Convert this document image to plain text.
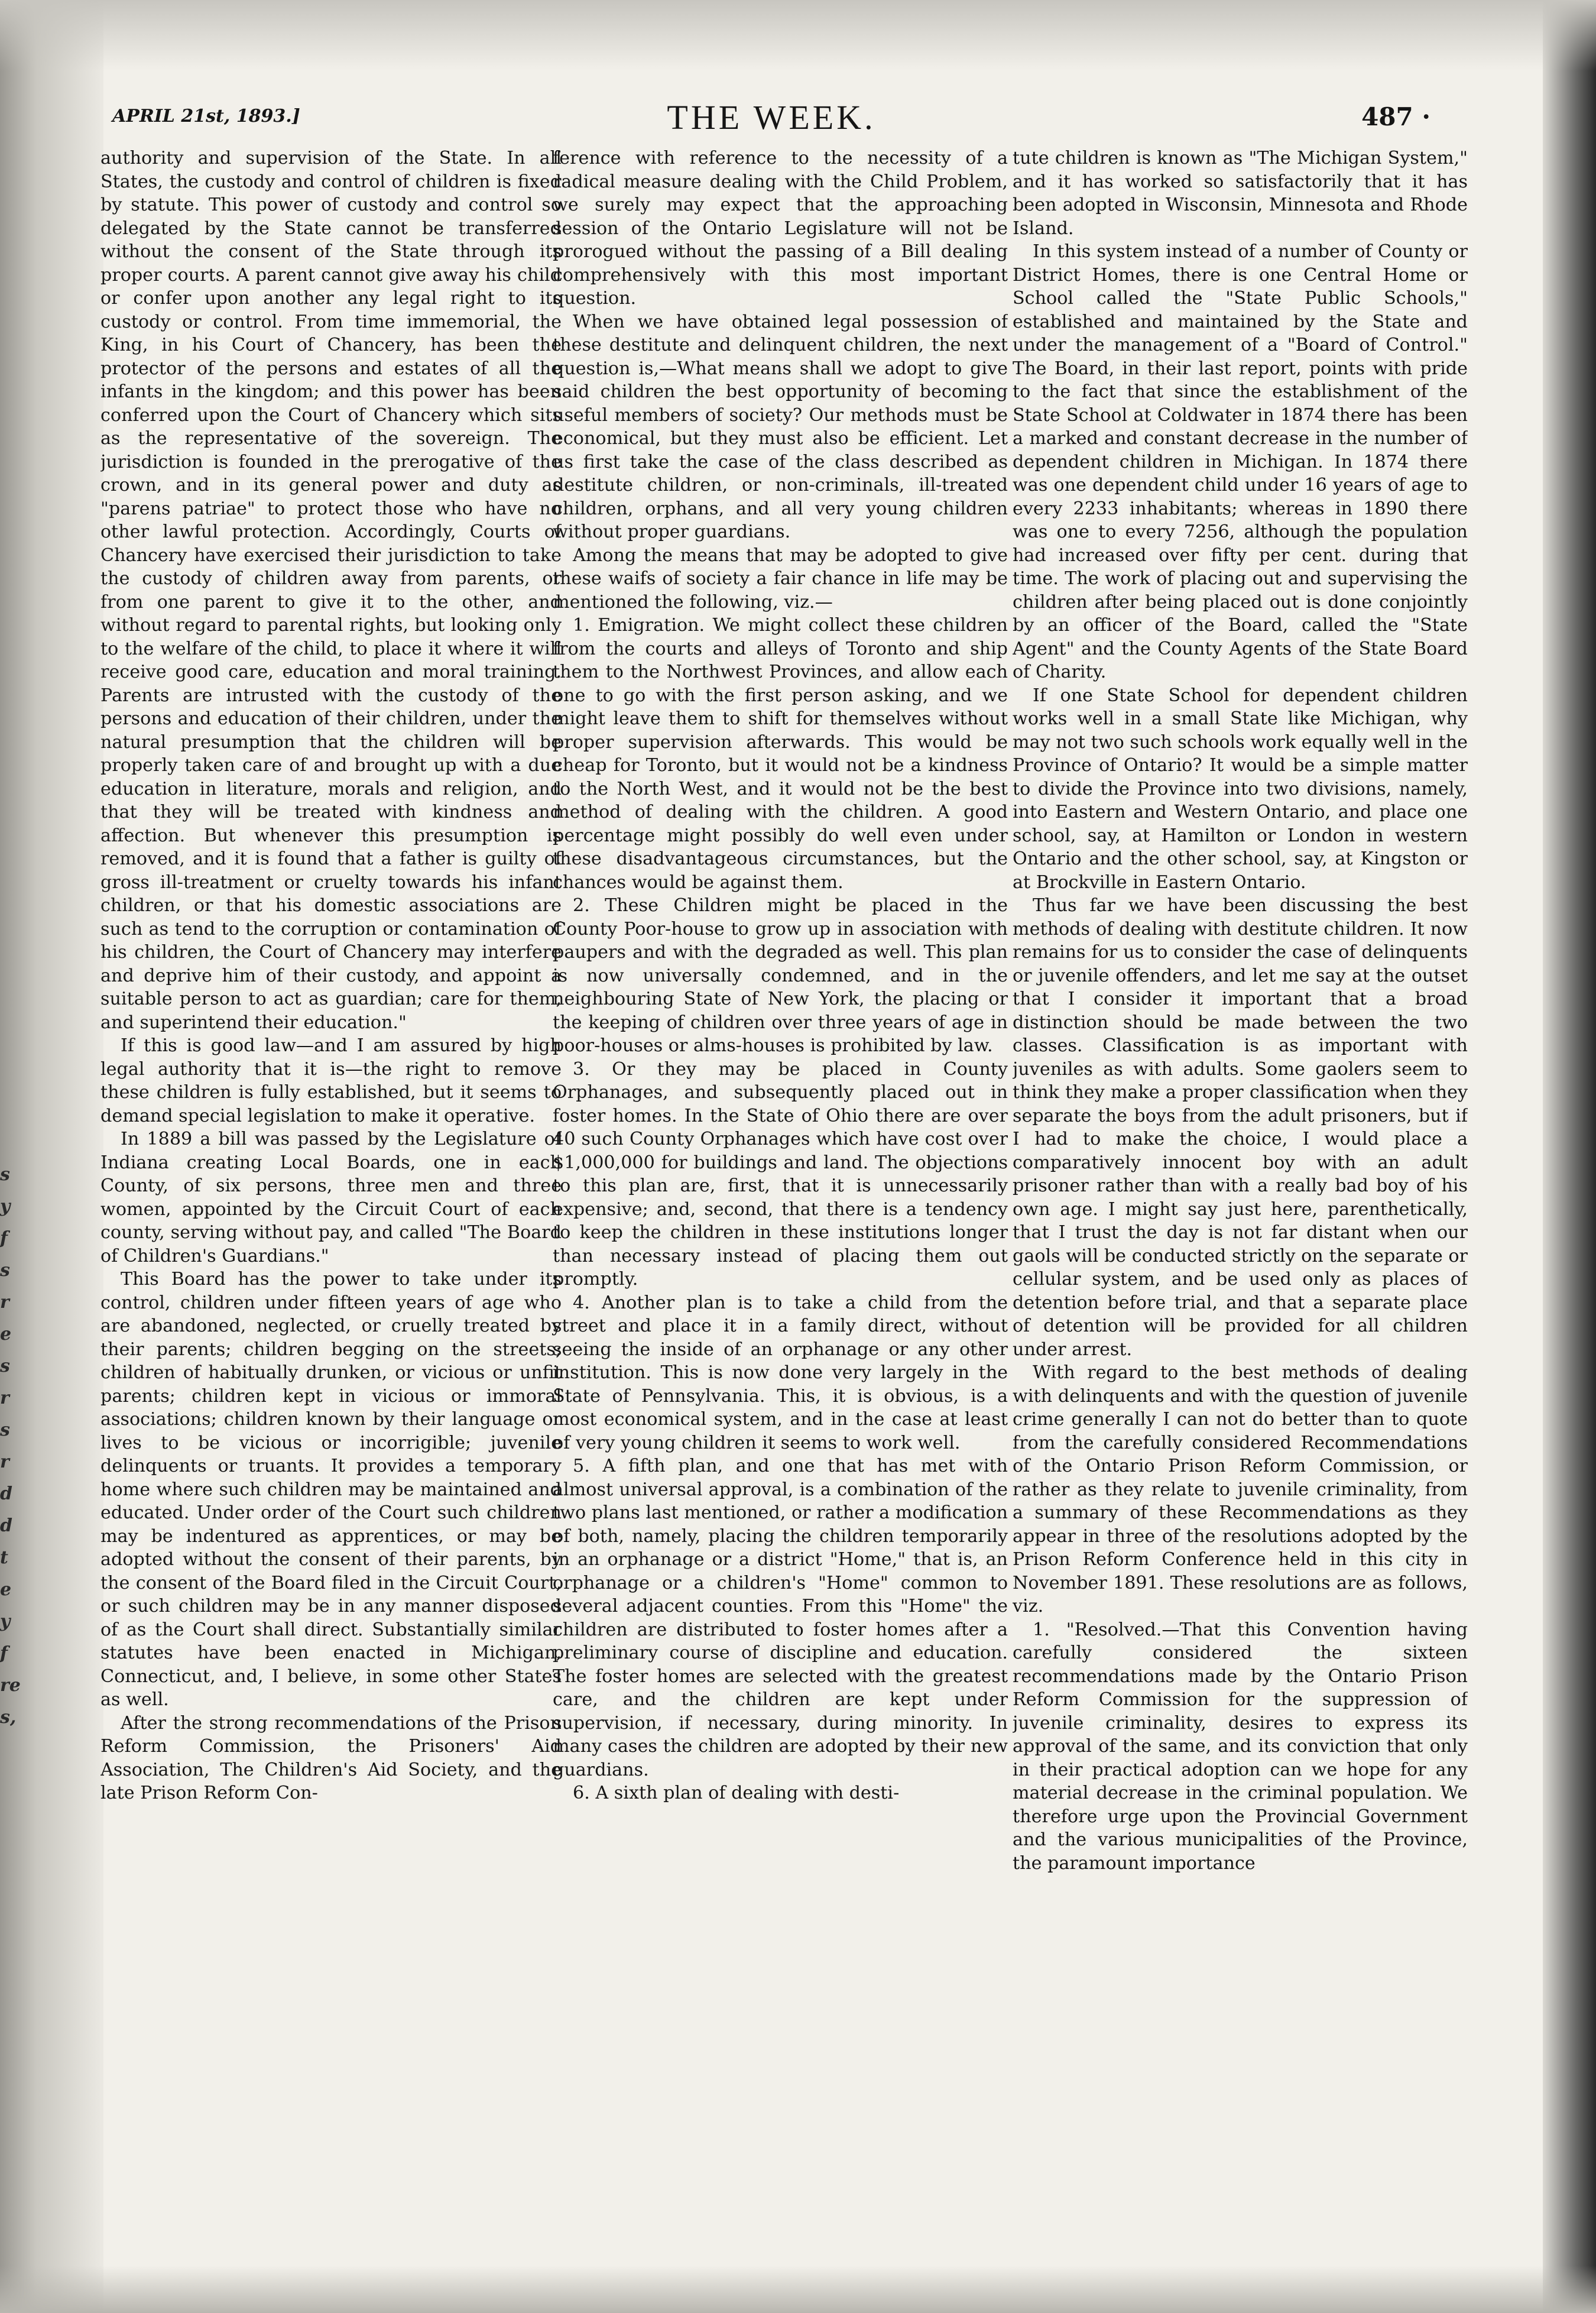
s
y
f
s
r
e
s
r
s
r
d
d
t
e
y
f
re
s,
APRIL 21st, 1893.]	THE WEEK.	487 ·

authority and supervision of the State. In all States, the custody and control of children is fixed by statute. This power of custody and control so delegated by the State cannot be transferred without the consent of the State through its proper courts. A parent cannot give away his child or confer upon another any legal right to its custody or control. From time immemorial, the King, in his Court of Chancery, has been the protector of the persons and estates of all the infants in the kingdom; and this power has been conferred upon the Court of Chancery which sits as the representative of the sovereign. The jurisdiction is founded in the prerogative of the crown, and in its general power and duty as "parens patriae" to protect those who have no other lawful protection. Accordingly, Courts of Chancery have exercised their jurisdiction to take the custody of children away from parents, or from one parent to give it to the other, and without regard to parental rights, but looking only to the welfare of the child, to place it where it will receive good care, education and moral training. Parents are intrusted with the custody of the persons and education of their children, under the natural presumption that the children will be properly taken care of and brought up with a due education in literature, morals and religion, and that they will be treated with kindness and affection. But whenever this presumption is removed, and it is found that a father is guilty of gross ill-treatment or cruelty towards his infant children, or that his domestic associations are such as tend to the corruption or contamination of his children, the Court of Chancery may interfere and deprive him of their custody, and appoint a suitable person to act as guardian; care for them, and superintend their education."

If this is good law—and I am assured by high legal authority that it is—the right to remove these children is fully established, but it seems to demand special legislation to make it operative.

In 1889 a bill was passed by the Legislature of Indiana creating Local Boards, one in each County, of six persons, three men and three women, appointed by the Circuit Court of each county, serving without pay, and called "The Board of Children's Guardians."

This Board has the power to take under its control, children under fifteen years of age who are abandoned, neglected, or cruelly treated by their parents; children begging on the streets; children of habitually drunken, or vicious or unfit parents; children kept in vicious or immoral associations; children known by their language or lives to be vicious or incorrigible; juvenile delinquents or truants. It provides a temporary home where such children may be maintained and educated. Under order of the Court such children may be indentured as apprentices, or may be adopted without the consent of their parents, by the consent of the Board filed in the Circuit Court, or such children may be in any manner disposed of as the Court shall direct. Substantially similar statutes have been enacted in Michigan, Connecticut, and, I believe, in some other States as well.

After the strong recommendations of the Prison Reform Commission, the Prisoners' Aid Association, The Children's Aid Society, and the late Prison Reform Con-

ference with reference to the necessity of a radical measure dealing with the Child Problem, we surely may expect that the approaching session of the Ontario Legislature will not be prorogued without the passing of a Bill dealing comprehensively with this most important question.

When we have obtained legal possession of these destitute and delinquent children, the next question is,—What means shall we adopt to give said children the best opportunity of becoming useful members of society? Our methods must be economical, but they must also be efficient. Let us first take the case of the class described as destitute children, or non-criminals, ill-treated children, orphans, and all very young children without proper guardians.

Among the means that may be adopted to give these waifs of society a fair chance in life may be mentioned the following, viz.—

1. Emigration. We might collect these children from the courts and alleys of Toronto and ship them to the Northwest Provinces, and allow each one to go with the first person asking, and we might leave them to shift for themselves without proper supervision afterwards. This would be cheap for Toronto, but it would not be a kindness to the North West, and it would not be the best method of dealing with the children. A good percentage might possibly do well even under these disadvantageous circumstances, but the chances would be against them.

2. These Children might be placed in the County Poor-house to grow up in association with paupers and with the degraded as well. This plan is now universally condemned, and in the neighbouring State of New York, the placing or the keeping of children over three years of age in poor-houses or alms-houses is prohibited by law.

3. Or they may be placed in County Orphanages, and subsequently placed out in foster homes. In the State of Ohio there are over 40 such County Orphanages which have cost over $1,000,000 for buildings and land. The objections to this plan are, first, that it is unnecessarily expensive; and, second, that there is a tendency to keep the children in these institutions longer than necessary instead of placing them out promptly.

4. Another plan is to take a child from the street and place it in a family direct, without seeing the inside of an orphanage or any other institution. This is now done very largely in the State of Pennsylvania. This, it is obvious, is a most economical system, and in the case at least of very young children it seems to work well.

5. A fifth plan, and one that has met with almost universal approval, is a combination of the two plans last mentioned, or rather a modification of both, namely, placing the children temporarily in an orphanage or a district "Home," that is, an orphanage or a children's "Home" common to several adjacent counties. From this "Home" the children are distributed to foster homes after a preliminary course of discipline and education. The foster homes are selected with the greatest care, and the children are kept under supervision, if necessary, during minority. In many cases the children are adopted by their new guardians.

6. A sixth plan of dealing with desti-

tute children is known as "The Michigan System," and it has worked so satisfactorily that it has been adopted in Wisconsin, Minnesota and Rhode Island.

In this system instead of a number of County or District Homes, there is one Central Home or School called the "State Public Schools," established and maintained by the State and under the management of a "Board of Control." The Board, in their last report, points with pride to the fact that since the establishment of the State School at Coldwater in 1874 there has been a marked and constant decrease in the number of dependent children in Michigan. In 1874 there was one dependent child under 16 years of age to every 2233 inhabitants; whereas in 1890 there was one to every 7256, although the population had increased over fifty per cent. during that time. The work of placing out and supervising the children after being placed out is done conjointly by an officer of the Board, called the "State Agent" and the County Agents of the State Board of Charity.

If one State School for dependent children works well in a small State like Michigan, why may not two such schools work equally well in the Province of Ontario? It would be a simple matter to divide the Province into two divisions, namely, into Eastern and Western Ontario, and place one school, say, at Hamilton or London in western Ontario and the other school, say, at Kingston or at Brockville in Eastern Ontario.

Thus far we have been discussing the best methods of dealing with destitute children. It now remains for us to consider the case of delinquents or juvenile offenders, and let me say at the outset that I consider it important that a broad distinction should be made between the two classes. Classification is as important with juveniles as with adults. Some gaolers seem to think they make a proper classification when they separate the boys from the adult prisoners, but if I had to make the choice, I would place a comparatively innocent boy with an adult prisoner rather than with a really bad boy of his own age. I might say just here, parenthetically, that I trust the day is not far distant when our gaols will be conducted strictly on the separate or cellular system, and be used only as places of detention before trial, and that a separate place of detention will be provided for all children under arrest.

With regard to the best methods of dealing with delinquents and with the question of juvenile crime generally I can not do better than to quote from the carefully considered Recommendations of the Ontario Prison Reform Commission, or rather as they relate to juvenile criminality, from a summary of these Recommendations as they appear in three of the resolutions adopted by the Prison Reform Conference held in this city in November 1891. These resolutions are as follows, viz.

1. "Resolved.—That this Convention having carefully considered the sixteen recommendations made by the Ontario Prison Reform Commission for the suppression of juvenile criminality, desires to express its approval of the same, and its conviction that only in their practical adoption can we hope for any material decrease in the criminal population. We therefore urge upon the Provincial Government and the various municipalities of the Province, the paramount importance
